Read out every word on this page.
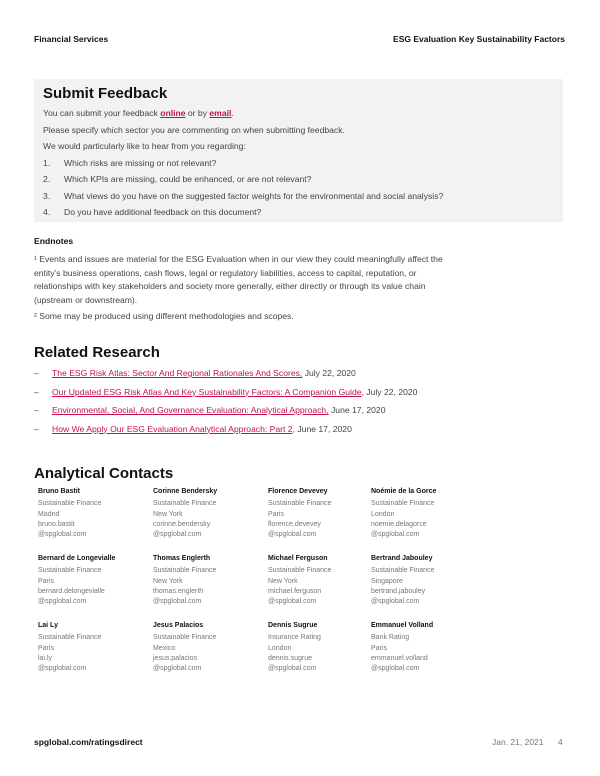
Financial Services	ESG Evaluation Key Sustainability Factors
Submit Feedback
You can submit your feedback online or by email.
Please specify which sector you are commenting on when submitting feedback.
We would particularly like to hear from you regarding:
1.	Which risks are missing or not relevant?
2.	Which KPIs are missing, could be enhanced, or are not relevant?
3.	What views do you have on the suggested factor weights for the environmental and social analysis?
4.	Do you have additional feedback on this document?
Endnotes

¹ Events and issues are material for the ESG Evaluation when in our view they could meaningfully affect the entity’s business operations, cash flows, legal or regulatory liabilities, access to capital, reputation, or relationships with key stakeholders and society more generally, either directly or through its value chain (upstream or downstream).

² Some may be produced using different methodologies and scopes.

Related Research
–	The ESG Risk Atlas: Sector And Regional Rationales And Scores, July 22, 2020
–	Our Updated ESG Risk Atlas And Key Sustainability Factors: A Companion Guide, July 22, 2020
–	Environmental, Social, And Governance Evaluation: Analytical Approach, June 17, 2020
–	How We Apply Our ESG Evaluation Analytical Approach: Part 2, June 17, 2020
Analytical Contacts
Bruno Bastit
Sustainable Finance
Madrid
bruno.bastit
@spglobal.com
Corinne Bendersky
Sustainable Finance
New York
corinne.bendersky
@spglobal.com
Florence Devevey
Sustainable Finance
Paris
florence.devevey
@spglobal.com
Noémie de la Gorce
Sustainable Finance
London
noemie.delagorce
@spglobal.com
Bernard de Longevialle
Sustainable Finance
Paris
bernard.delongevialle
@spglobal.com
Thomas Englerth
Sustainable Finance
New York
thomas.englerth
@spglobal.com
Michael Ferguson
Sustainable Finance
New York
michael.ferguson
@spglobal.com
Bertrand Jabouley
Sustainable Finance
Singapore
bertrand.jabouley
@spglobal.com
Lai Ly
Sustainable Finance
Paris
lai.ly
@spglobal.com
Jesus Palacios
Sustainable Finance
Mexico
jesus.palacios
@spglobal.com
Dennis Sugrue
Insurance Rating
London
dennis.sugrue
@spglobal.com
Emmanuel Volland
Bank Rating
Paris
emmanuel.volland
@spglobal.com
spglobal.com/ratingsdirect	Jan. 21, 2021 4
